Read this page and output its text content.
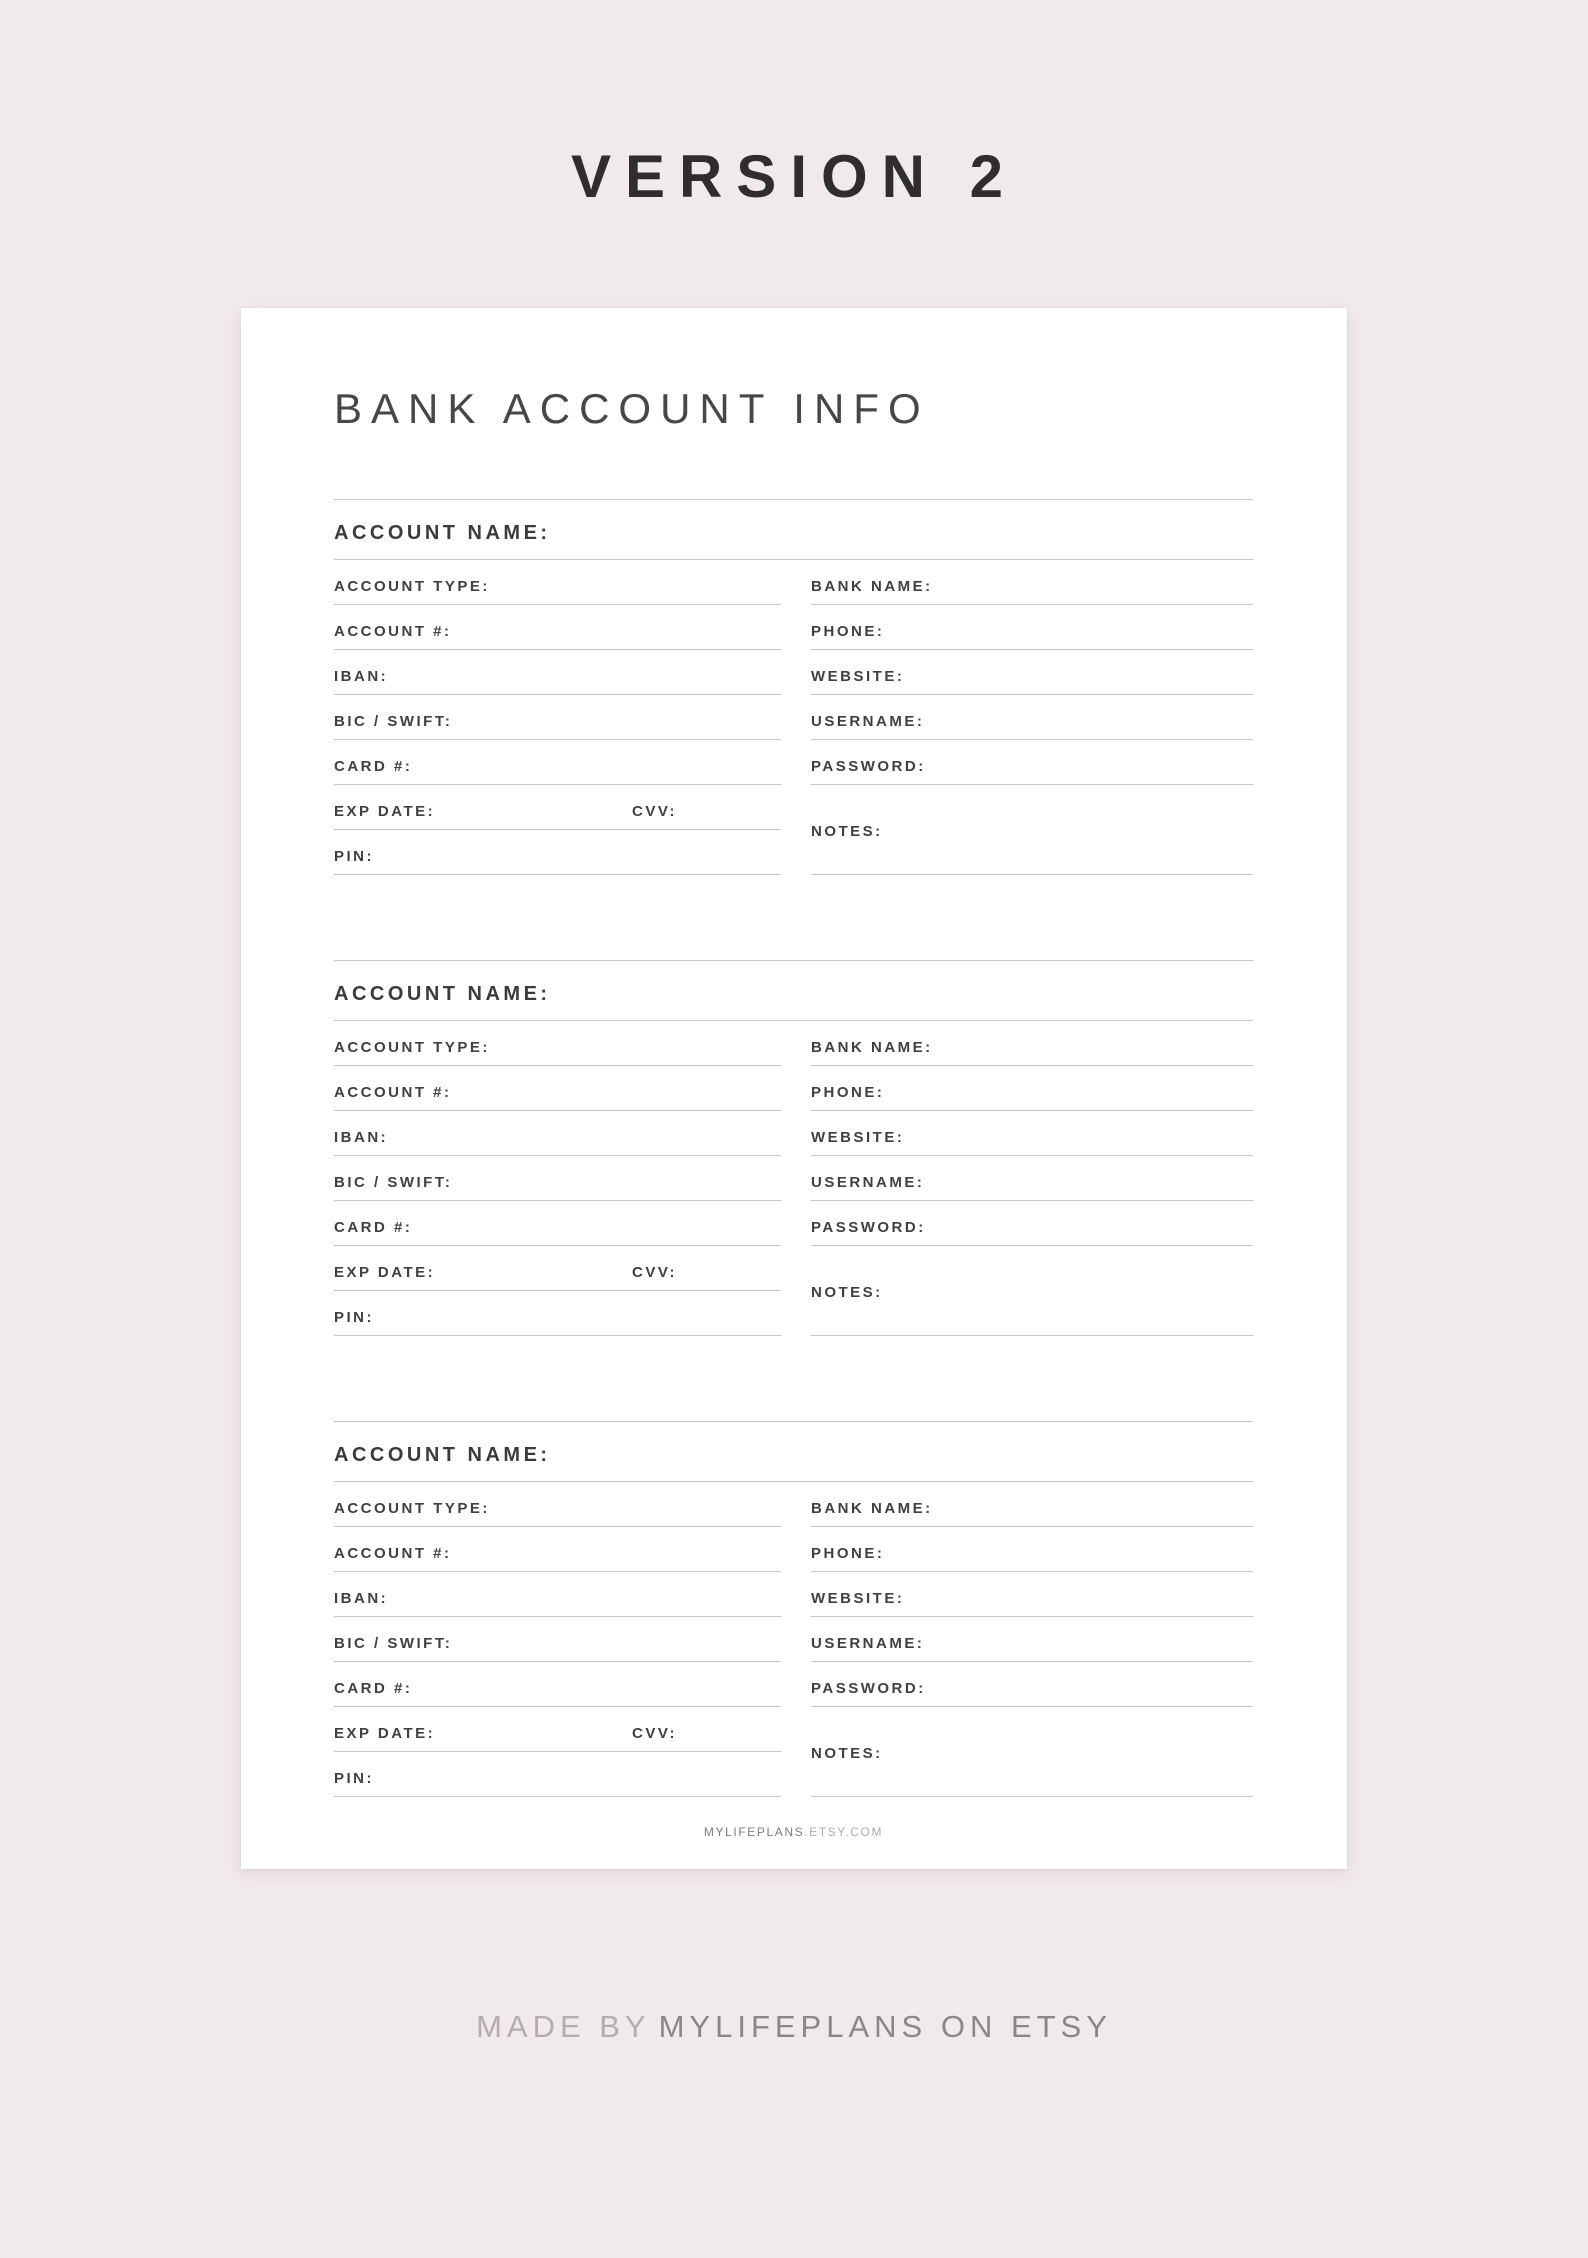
VERSION 2
BANK ACCOUNT INFO
ACCOUNT NAME:
ACCOUNT TYPE:
ACCOUNT #:
IBAN:
BIC / SWIFT:
CARD #:
EXP DATE:	CVV:
PIN:
BANK NAME:
PHONE:
WEBSITE:
USERNAME:
PASSWORD:
NOTES:
ACCOUNT NAME:
ACCOUNT TYPE:
ACCOUNT #:
IBAN:
BIC / SWIFT:
CARD #:
EXP DATE:	CVV:
PIN:
BANK NAME:
PHONE:
WEBSITE:
USERNAME:
PASSWORD:
NOTES:
ACCOUNT NAME:
ACCOUNT TYPE:
ACCOUNT #:
IBAN:
BIC / SWIFT:
CARD #:
EXP DATE:	CVV:
PIN:
BANK NAME:
PHONE:
WEBSITE:
USERNAME:
PASSWORD:
NOTES:
MYLIFEPLANS.ETSY.COM
MADE BY MYLIFEPLANS ON ETSY
